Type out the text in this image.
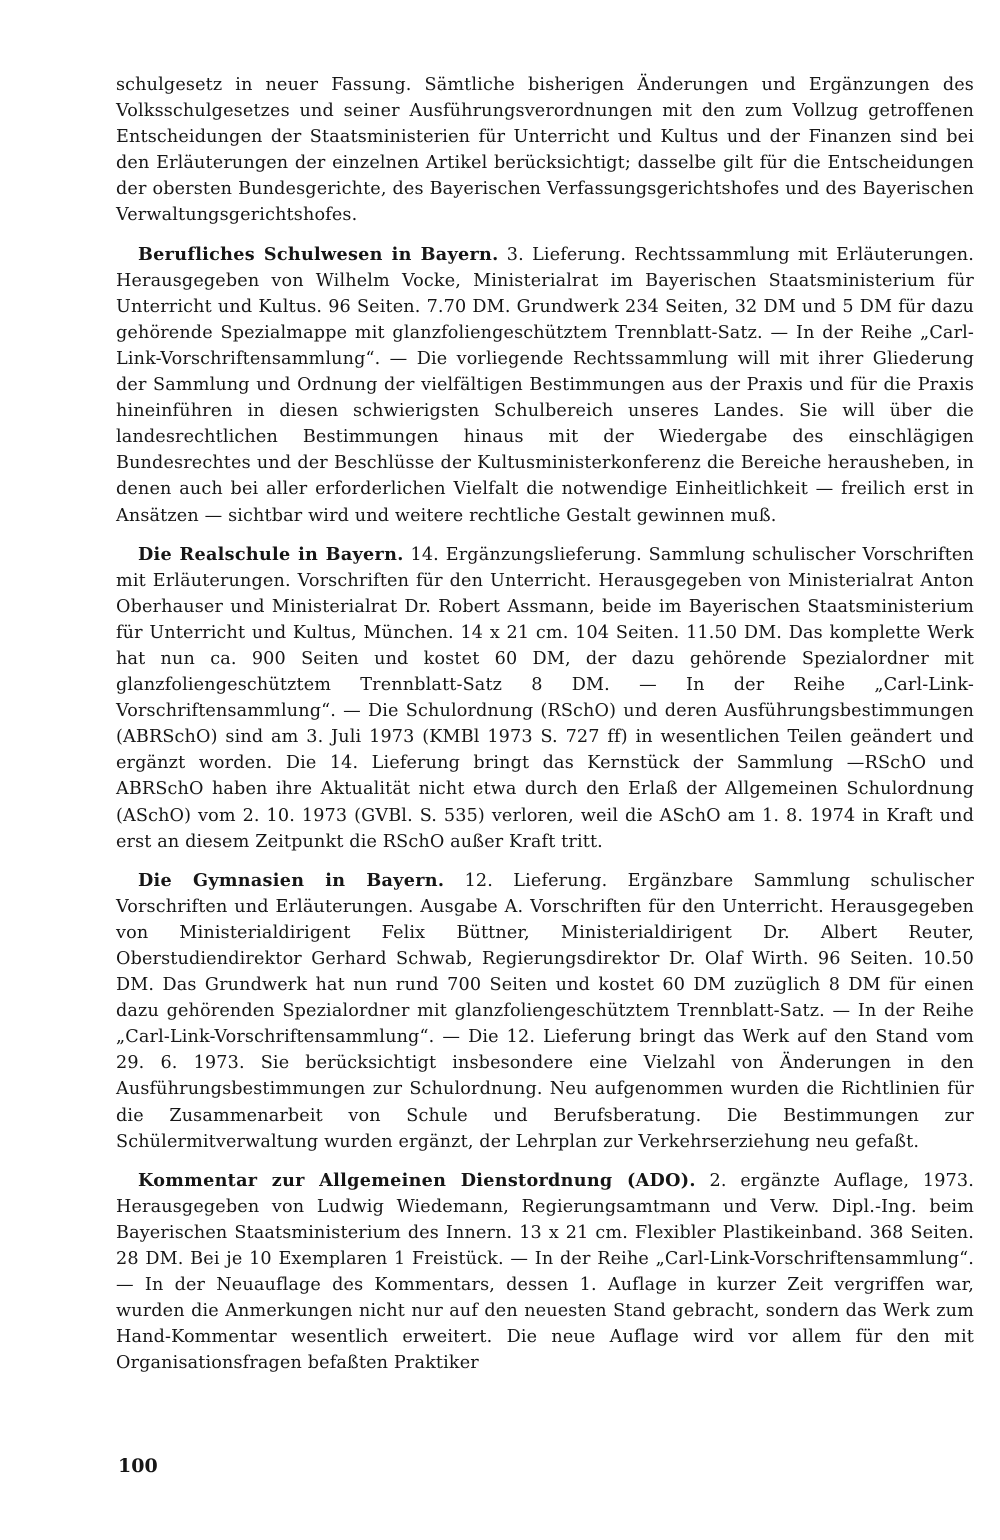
schulgesetz in neuer Fassung. Sämtliche bisherigen Änderungen und Ergänzungen des Volksschulgesetzes und seiner Ausführungsverordnungen mit den zum Vollzug getroffenen Entscheidungen der Staatsministerien für Unterricht und Kultus und der Finanzen sind bei den Erläuterungen der einzelnen Artikel berücksichtigt; dasselbe gilt für die Entscheidungen der obersten Bundesgerichte, des Bayerischen Verfassungsgerichtshofes und des Bayerischen Verwaltungsgerichtshofes.

Berufliches Schulwesen in Bayern. 3. Lieferung. Rechtssammlung mit Erläuterungen. Herausgegeben von Wilhelm Vocke, Ministerialrat im Bayerischen Staatsministerium für Unterricht und Kultus. 96 Seiten. 7.70 DM. Grundwerk 234 Seiten, 32 DM und 5 DM für dazu gehörende Spezialmappe mit glanzfoliengeschütztem Trennblatt-Satz. — In der Reihe „Carl-Link-Vorschriftensammlung“. — Die vorliegende Rechtssammlung will mit ihrer Gliederung der Sammlung und Ordnung der vielfältigen Bestimmungen aus der Praxis und für die Praxis hineinführen in diesen schwierigsten Schulbereich unseres Landes. Sie will über die landesrechtlichen Bestimmungen hinaus mit der Wiedergabe des einschlägigen Bundesrechtes und der Beschlüsse der Kultusministerkonferenz die Bereiche herausheben, in denen auch bei aller erforderlichen Vielfalt die notwendige Einheitlichkeit — freilich erst in Ansätzen — sichtbar wird und weitere rechtliche Gestalt gewinnen muß.

Die Realschule in Bayern. 14. Ergänzungslieferung. Sammlung schulischer Vorschriften mit Erläuterungen. Vorschriften für den Unterricht. Herausgegeben von Ministerialrat Anton Oberhauser und Ministerialrat Dr. Robert Assmann, beide im Bayerischen Staatsministerium für Unterricht und Kultus, München. 14 x 21 cm. 104 Seiten. 11.50 DM. Das komplette Werk hat nun ca. 900 Seiten und kostet 60 DM, der dazu gehörende Spezialordner mit glanzfoliengeschütztem Trennblatt-Satz 8 DM. — In der Reihe „Carl-Link-Vorschriftensammlung“. — Die Schulordnung (RSchO) und deren Ausführungsbestimmungen (ABRSchO) sind am 3. Juli 1973 (KMBl 1973 S. 727 ff) in wesentlichen Teilen geändert und ergänzt worden. Die 14. Lieferung bringt das Kernstück der Sammlung —RSchO und ABRSchO haben ihre Aktualität nicht etwa durch den Erlaß der Allgemeinen Schulordnung (ASchO) vom 2. 10. 1973 (GVBl. S. 535) verloren, weil die ASchO am 1. 8. 1974 in Kraft und erst an diesem Zeitpunkt die RSchO außer Kraft tritt.

Die Gymnasien in Bayern. 12. Lieferung. Ergänzbare Sammlung schulischer Vorschriften und Erläuterungen. Ausgabe A. Vorschriften für den Unterricht. Herausgegeben von Ministerialdirigent Felix Büttner, Ministerialdirigent Dr. Albert Reuter, Oberstudiendirektor Gerhard Schwab, Regierungsdirektor Dr. Olaf Wirth. 96 Seiten. 10.50 DM. Das Grundwerk hat nun rund 700 Seiten und kostet 60 DM zuzüglich 8 DM für einen dazu gehörenden Spezialordner mit glanzfoliengeschütztem Trennblatt-Satz. — In der Reihe „Carl-Link-Vorschriftensammlung“. — Die 12. Lieferung bringt das Werk auf den Stand vom 29. 6. 1973. Sie berücksichtigt insbesondere eine Vielzahl von Änderungen in den Ausführungsbestimmungen zur Schulordnung. Neu aufgenommen wurden die Richtlinien für die Zusammenarbeit von Schule und Berufsberatung. Die Bestimmungen zur Schülermitverwaltung wurden ergänzt, der Lehrplan zur Verkehrserziehung neu gefaßt.

Kommentar zur Allgemeinen Dienstordnung (ADO). 2. ergänzte Auflage, 1973. Herausgegeben von Ludwig Wiedemann, Regierungsamtmann und Verw. Dipl.-Ing. beim Bayerischen Staatsministerium des Innern. 13 x 21 cm. Flexibler Plastikeinband. 368 Seiten. 28 DM. Bei je 10 Exemplaren 1 Freistück. — In der Reihe „Carl-Link-Vorschriftensammlung“. — In der Neuauflage des Kommentars, dessen 1. Auflage in kurzer Zeit vergriffen war, wurden die Anmerkungen nicht nur auf den neuesten Stand gebracht, sondern das Werk zum Hand-Kommentar wesentlich erweitert. Die neue Auflage wird vor allem für den mit Organisationsfragen befaßten Praktiker

100
